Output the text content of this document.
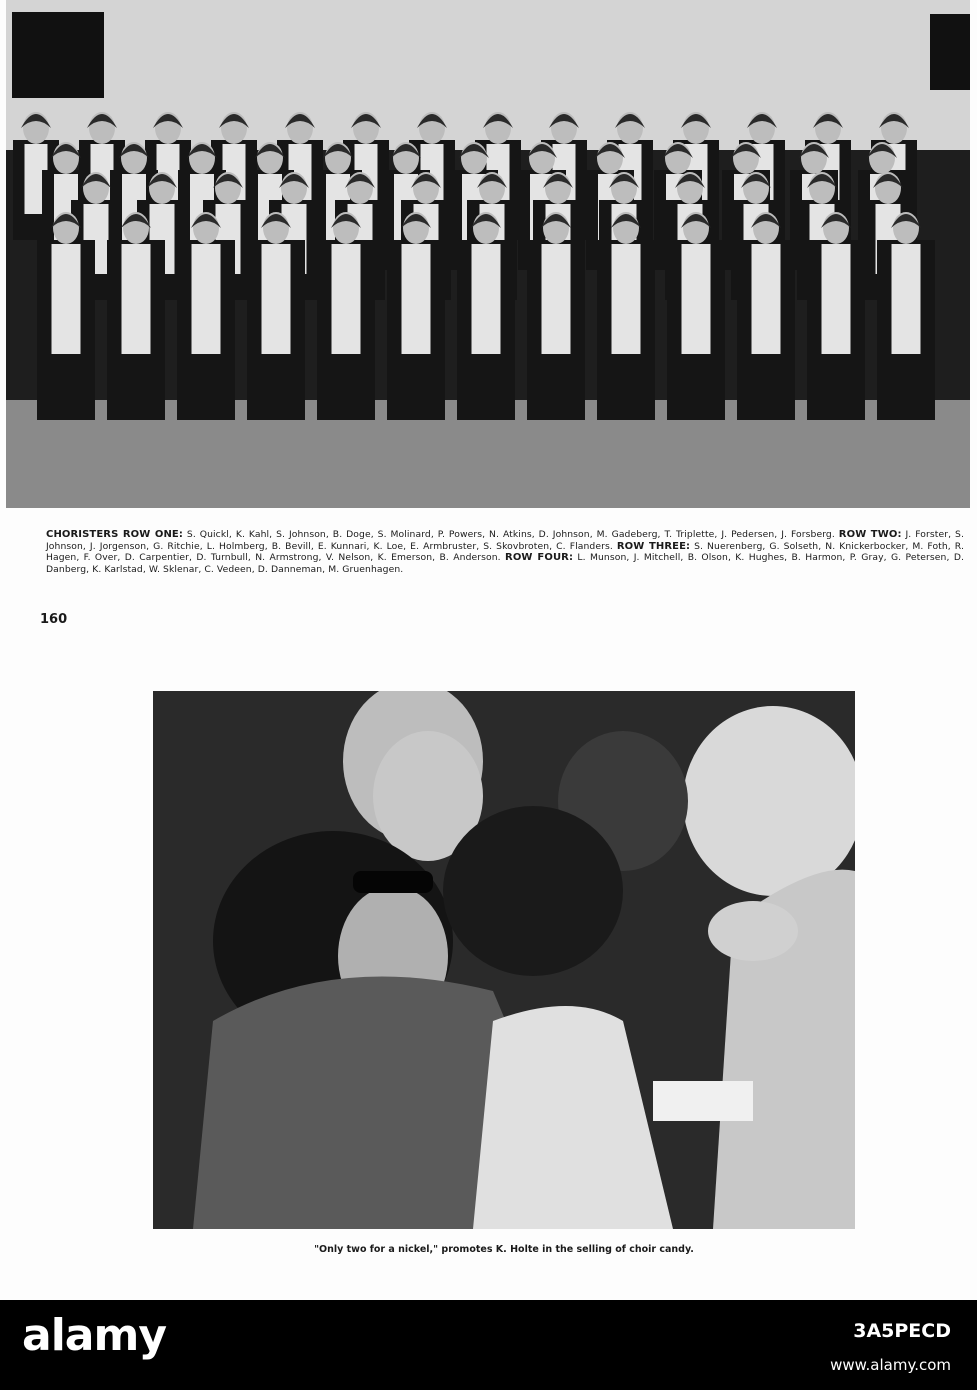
CHORISTERS ROW ONE: S. Quickl, K. Kahl, S. Johnson, B. Doge, S. Molinard, P. Powers, N. Atkins, D. Johnson, M. Gadeberg, T. Triplette, J. Pedersen, J. Forsberg. ROW TWO: J. Forster, S. Johnson, J. Jorgenson, G. Ritchie, L. Holmberg, B. Bevill, E. Kunnari, K. Loe, E. Armbruster, S. Skovbroten, C. Flanders. ROW THREE: S. Nuerenberg, G. Solseth, N. Knickerbocker, M. Foth, R. Hagen, F. Over, D. Carpentier, D. Turnbull, N. Armstrong, V. Nelson, K. Emerson, B. Anderson. ROW FOUR: L. Munson, J. Mitchell, B. Olson, K. Hughes, B. Harmon, P. Gray, G. Petersen, D. Danberg, K. Karlstad, W. Sklenar, C. Vedeen, D. Danneman, M. Gruenhagen.
160
"Only two for a nickel," promotes K. Holte in the selling of choir candy.
alamy	3A5PECD
www.alamy.com
